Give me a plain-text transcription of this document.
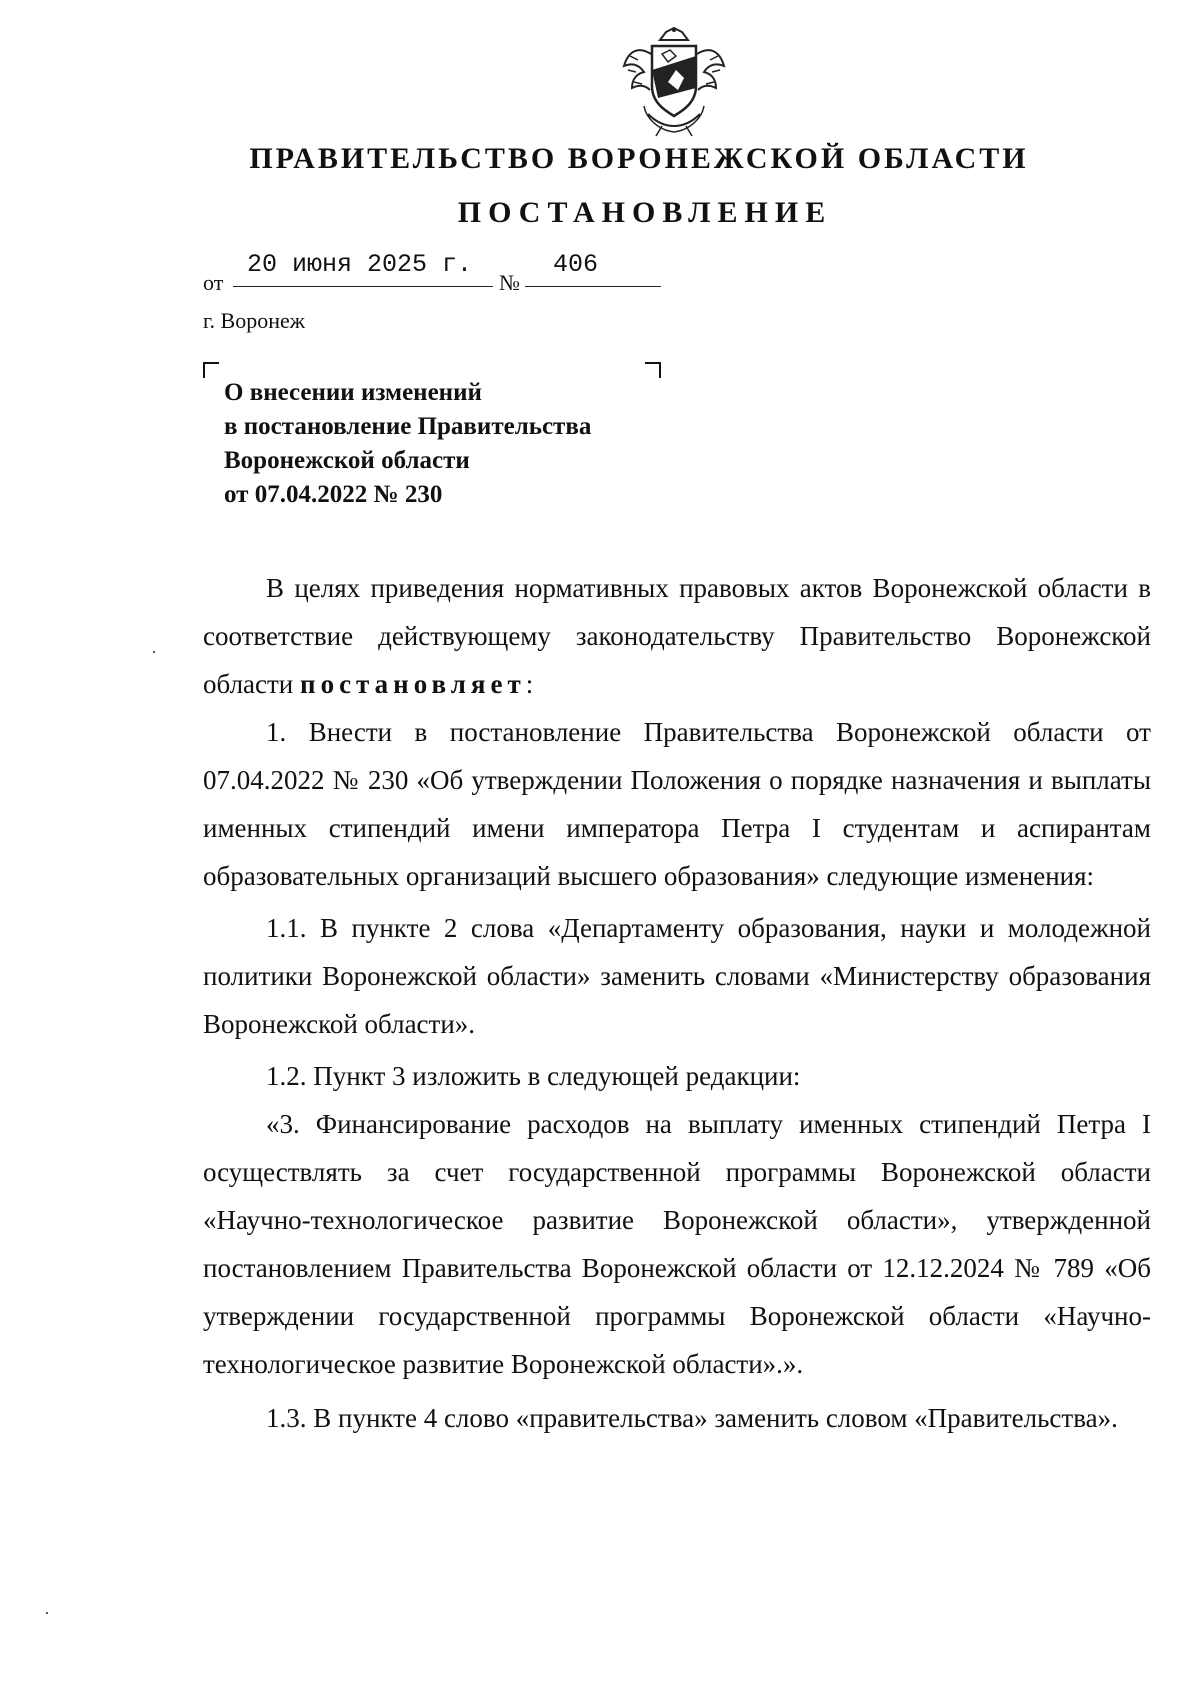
ПРАВИТЕЛЬСТВО ВОРОНЕЖСКОЙ ОБЛАСТИ
ПОСТАНОВЛЕНИЕ
от
20 июня 2025 г.
№
406
г. Воронеж
О внесении изменений
в постановление Правительства
Воронежской области
от 07.04.2022 № 230

В целях приведения нормативных правовых актов Воронежской области в соответствие действующему законодательству Правительство Воронежской области постановляет:

1. Внести в постановление Правительства Воронежской области от 07.04.2022 № 230 «Об утверждении Положения о порядке назначения и выплаты именных стипендий имени императора Петра I студентам и аспирантам образовательных организаций высшего образования» следующие изменения:

1.1. В пункте 2 слова «Департаменту образования, науки и молодежной политики Воронежской области» заменить словами «Министерству образования Воронежской области».

1.2. Пункт 3 изложить в следующей редакции:

«3. Финансирование расходов на выплату именных стипендий Петра I осуществлять за счет государственной программы Воронежской области «Научно-технологическое развитие Воронежской области», утвержденной постановлением Правительства Воронежской области от 12.12.2024 № 789 «Об утверждении государственной программы Воронежской области «Научно-технологическое развитие Воронежской области».».

1.3. В пункте 4 слово «правительства» заменить словом «Правительства».
